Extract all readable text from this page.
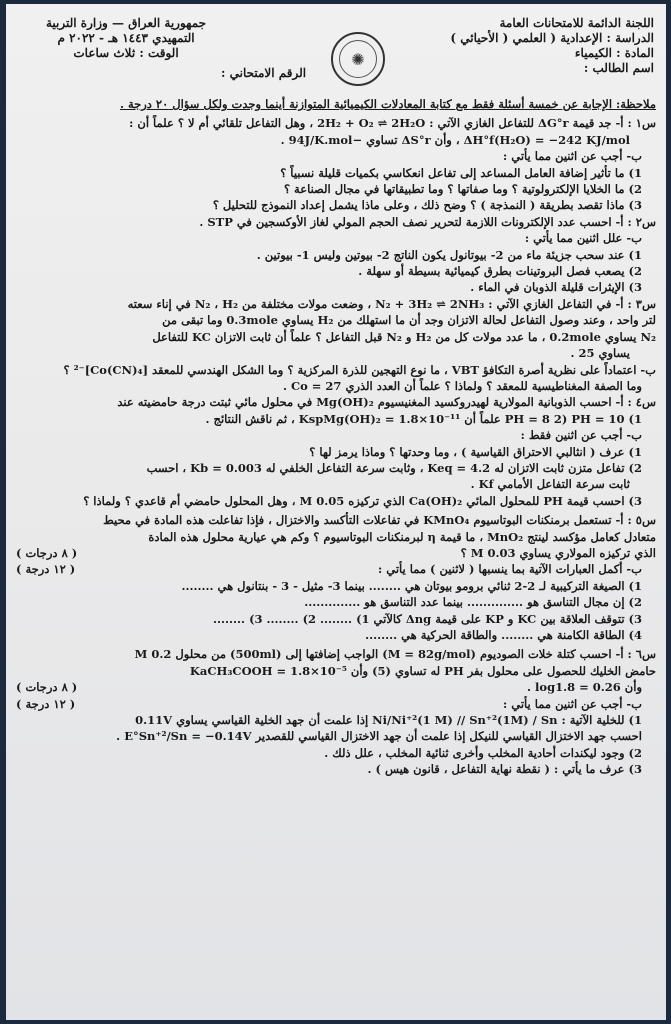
اللجنة الدائمة للامتحانات العامة
الدراسة : الإعدادية ( العلمي ( الأحيائي )
المادة : الكيمياء
اسم الطالب :
✺
الرقم الامتحاني :
جمهورية العراق — وزارة التربية
التمهيدي ١٤٤٣ هـ - ٢٠٢٢ م
الوقت : ثلاث ساعات
ملاحظة: الإجابة عن خمسة أسئلة فقط مع كتابة المعادلات الكيميائية المتوازنة أينما وجدت ولكل سؤال ٢٠ درجة .
س١ : أ- جد قيمة ΔG°r للتفاعل الغازي الآتي : 2H₂ + O₂ ⇌ 2H₂O ، وهل التفاعل تلقائي أم لا ؟ علماً أن :
ΔH°f(H₂O) = −242 KJ/mol ، وأن ΔS°r تساوي −94J/K.mol .
ب- أجب عن اثنين مما يأتي :
1) ما تأثير إضافة العامل المساعد إلى تفاعل انعكاسي بكميات قليلة نسبياً ؟
2) ما الخلايا الإلكترولوتية ؟ وما صفاتها ؟ وما تطبيقاتها في مجال الصناعة ؟
3) ماذا تقصد بطريقة ( النمذجة ) ؟ وضح ذلك ، وعلى ماذا يشمل إعداد النموذج للتحليل ؟
س٢ : أ- احسب عدد الإلكترونات اللازمة لتحرير نصف الحجم المولي لغاز الأوكسجين في STP .
ب- علل اثنين مما يأتي :
1) عند سحب جزيئة ماء من 2- بيوتانول يكون الناتج 2- بيوتين وليس 1- بيوتين .
2) يصعب فصل البروتينات بطرق كيميائية بسيطة أو سهلة .
3) الإيثرات قليلة الذوبان في الماء .
س٣ : أ- في التفاعل الغازي الآتي : N₂ + 3H₂ ⇌ 2NH₃ ، وضعت مولات مختلفة من N₂ ، H₂ في إناء سعته
لتر واحد ، وعند وصول التفاعل لحالة الاتزان وجد أن ما استهلك من H₂ يساوي 0.3mole وما تبقى من
N₂ يساوي 0.2mole ، ما عدد مولات كل من H₂ و N₂ قبل التفاعل ؟ علماً أن ثابت الاتزان KC للتفاعل
يساوي 25 .
ب- اعتماداً على نظرية أصرة التكافؤ VBT ، ما نوع التهجين للذرة المركزية ؟ وما الشكل الهندسي للمعقد [Co(CN)₄]⁻² ؟
وما الصفة المغناطيسية للمعقد ؟ ولماذا ؟ علماً أن العدد الذري Co = 27 .
س٤ : أ- احسب الذوبانية المولارية لهيدروكسيد المغنيسيوم Mg(OH)₂ في محلول مائي ثبتت درجة حامضيته عند
1) PH = 8 2) PH = 10 علماً أن KspMg(OH)₂ = 1.8×10⁻¹¹ ، ثم ناقش النتائج .
ب- أجب عن اثنين فقط :
1) عرف ( انثالبي الاحتراق القياسية ) ، وما وحدتها ؟ وماذا يرمز لها ؟
2) تفاعل متزن ثابت الاتزان له Keq = 4.2 ، وثابت سرعة التفاعل الخلفي له Kb = 0.003 ، احسب
ثابت سرعة التفاعل الأمامي Kf .
3) احسب قيمة PH للمحلول المائي Ca(OH)₂ الذي تركيزه 0.05 M ، وهل المحلول حامضي أم قاعدي ؟ ولماذا ؟
س٥ : أ- تستعمل برمنكنات البوتاسيوم KMnO₄ في تفاعلات التأكسد والاختزال ، فإذا تفاعلت هذه المادة في محيط
متعادل كعامل مؤكسد لينتج MnO₂ ، ما قيمة η لبرمنكنات البوتاسيوم ؟ وكم هي عيارية محلول هذه المادة
الذي تركيزه المولاري يساوي 0.03 M ؟
( ٨ درجات )
ب- أكمل العبارات الآتية بما ينسبها ( لاثنين ) مما يأتي :
( ١٢ درجة )
1) الصيغة التركيبية لـ 2-2 ثنائي برومو بيوتان هي ........ بينما 3- مثيل - 3 - بنتانول هي ........
2) إن مجال التناسق هو .............. بينما عدد التناسق هو ..............
3) تتوقف العلاقة بين KC و KP على قيمة Δng كالآتي 1) ........ 2) ........ 3) ........
4) الطاقة الكامنة هي ........ والطاقة الحركية هي ........
س٦ : أ- احسب كتلة خلات الصوديوم (M = 82g/mol) الواجب إضافتها إلى (500ml) من محلول 0.2 M
حامض الخليك للحصول على محلول بفر PH له تساوي (5) وأن KaCH₃COOH = 1.8×10⁻⁵
وأن log1.8 = 0.26 .
( ٨ درجات )
ب- أجب عن اثنين مما يأتي :
( ١٢ درجة )
1) للخلية الآتية : Ni/Ni⁺²(1 M) // Sn⁺²(1M) / Sn إذا علمت أن جهد الخلية القياسي يساوي 0.11V
احسب جهد الاختزال القياسي للنيكل إذا علمت أن جهد الاختزال القياسي للقصدير E°Sn⁺²/Sn = −0.14V .
2) وجود ليكندات أحادية المخلب وأخرى ثنائية المخلب ، علل ذلك .
3) عرف ما يأتي : ( نقطة نهاية التفاعل ، قانون هيس ) .
